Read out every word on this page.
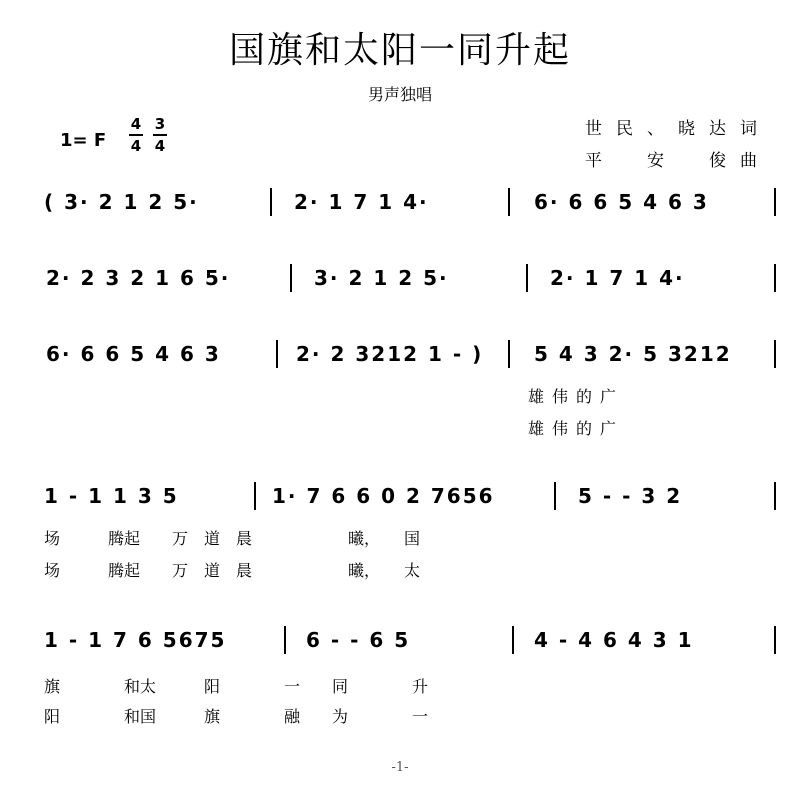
国旗和太阳一同升起
男声独唱
1= F
4
4
3
4
世民、晓达词
平　安　俊曲
( 3· 2 1 2 5·	2· 1 7 1 4·	6· 6 6 5 4 6 3
2· 2 3 2 1 6 5·	3· 2 1 2 5·	2· 1 7 1 4·
6· 6 6 5 4 6 3	2· 2 3212 1 - )	5 4 3 2· 5 3212
雄伟的广
雄伟的广
1 - 1 1 3 5	1· 7 6 6 0 2 7656	5 - - 3 2
场　　　腾起　　万　道　晨　　　　　　曦，　　国
场　　　腾起　　万　道　晨　　　　　　曦，　　太
1 - 1 7 6 5675	6 - - 6 5	4 - 4 6 4 3 1
旗　　　　和太　　　阳　　　　一　　同　　　　升
阳　　　　和国　　　旗　　　　融　　为　　　　一
-1-
